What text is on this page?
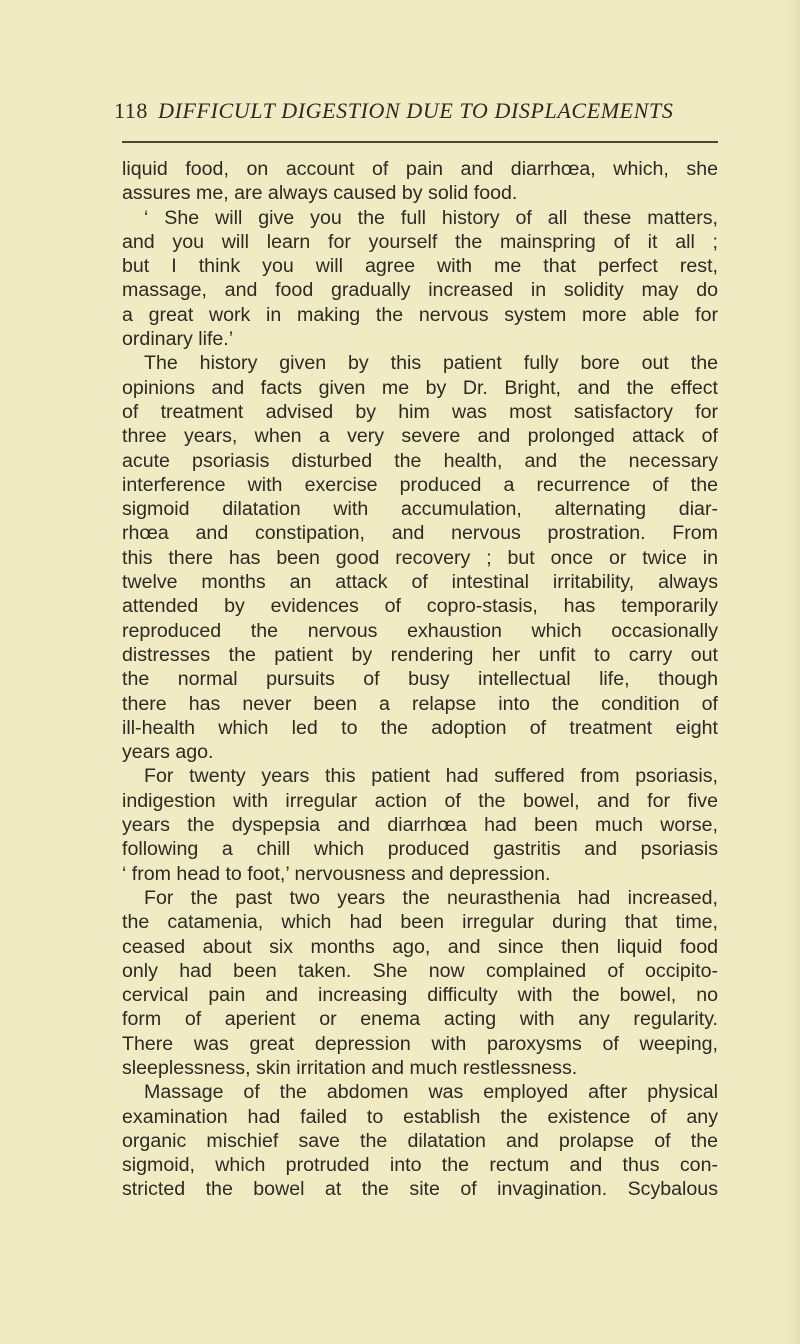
118 DIFFICULT DIGESTION DUE TO DISPLACEMENTS
liquid food, on account of pain and diarrhœa, which, she
assures me, are always caused by solid food.
‘ She will give you the full history of all these matters,
and you will learn for yourself the mainspring of it all ;
but I think you will agree with me that perfect rest,
massage, and food gradually increased in solidity may do
a great work in making the nervous system more able for
ordinary life.’
The history given by this patient fully bore out the
opinions and facts given me by Dr. Bright, and the effect
of treatment advised by him was most satisfactory for
three years, when a very severe and prolonged attack of
acute psoriasis disturbed the health, and the necessary
interference with exercise produced a recurrence of the
sigmoid dilatation with accumulation, alternating diar-
rhœa and constipation, and nervous prostration. From
this there has been good recovery ; but once or twice in
twelve months an attack of intestinal irritability, always
attended by evidences of copro-stasis, has temporarily
reproduced the nervous exhaustion which occasionally
distresses the patient by rendering her unfit to carry out
the normal pursuits of busy intellectual life, though
there has never been a relapse into the condition of
ill-health which led to the adoption of treatment eight
years ago.
For twenty years this patient had suffered from psoriasis,
indigestion with irregular action of the bowel, and for five
years the dyspepsia and diarrhœa had been much worse,
following a chill which produced gastritis and psoriasis
‘ from head to foot,’ nervousness and depression.
For the past two years the neurasthenia had increased,
the catamenia, which had been irregular during that time,
ceased about six months ago, and since then liquid food
only had been taken. She now complained of occipito-
cervical pain and increasing difficulty with the bowel, no
form of aperient or enema acting with any regularity.
There was great depression with paroxysms of weeping,
sleeplessness, skin irritation and much restlessness.
Massage of the abdomen was employed after physical
examination had failed to establish the existence of any
organic mischief save the dilatation and prolapse of the
sigmoid, which protruded into the rectum and thus con-
stricted the bowel at the site of invagination. Scybalous
